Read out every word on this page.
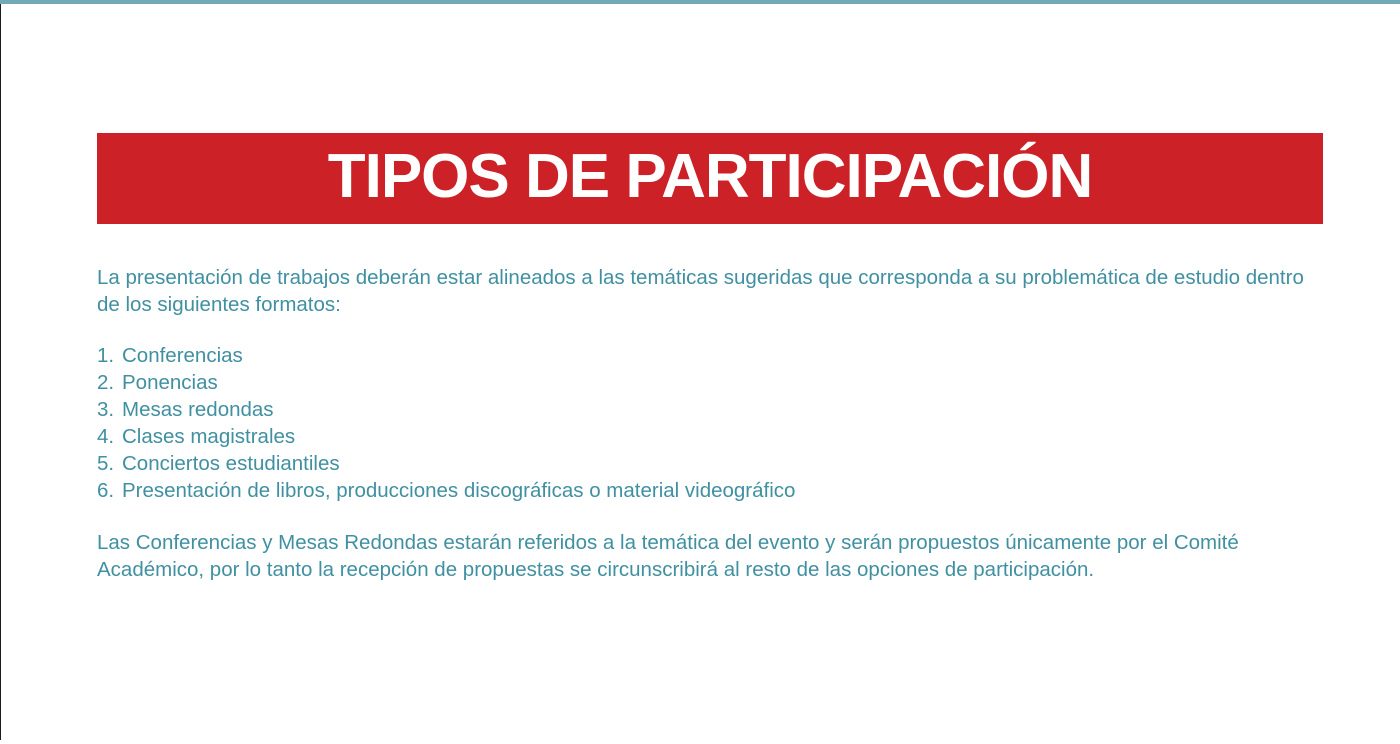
TIPOS DE PARTICIPACIÓN

La presentación de trabajos deberán estar alineados a las temáticas sugeridas que corresponda a su problemática de estudio dentro de los siguientes formatos:

1. Conferencias
2. Ponencias
3. Mesas redondas
4. Clases magistrales
5. Conciertos estudiantiles
6. Presentación de libros, producciones discográficas o material videográfico

Las Conferencias y Mesas Redondas estarán referidos a la temática del evento y serán propuestos únicamente por el Comité Académico, por lo tanto la recepción de propuestas se circunscribirá al resto de las opciones de participación.
